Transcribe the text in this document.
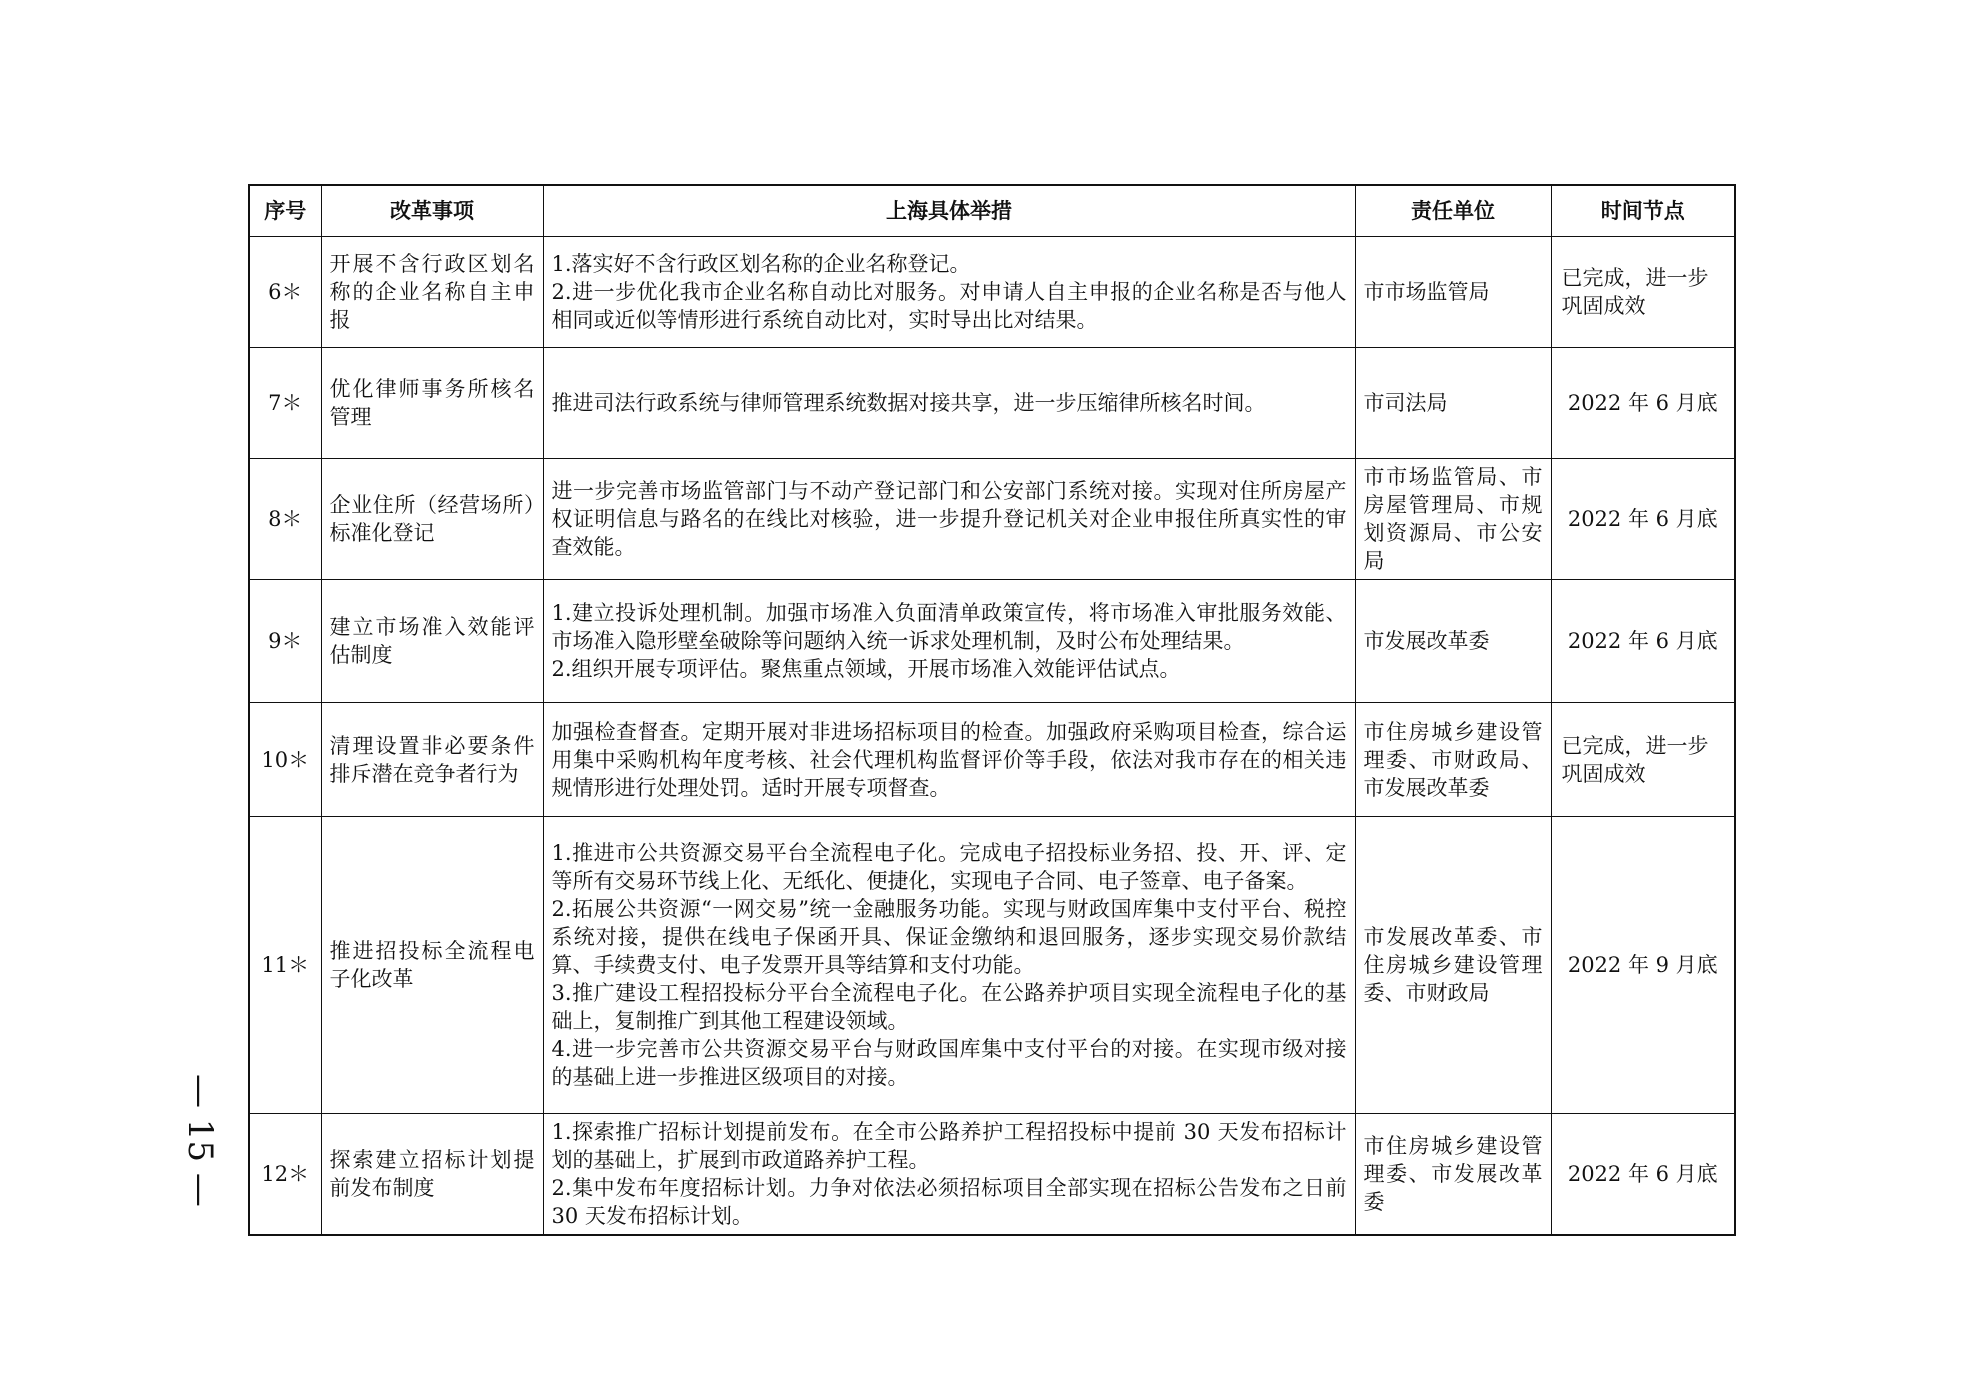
— 15 —
序号	改革事项	上海具体举措	责任单位	时间节点
6＊	开展不含行政区划名称的企业名称自主申报	1.落实好不含行政区划名称的企业名称登记。
2.进一步优化我市企业名称自动比对服务。对申请人自主申报的企业名称是否与他人相同或近似等情形进行系统自动比对，实时导出比对结果。	市市场监管局	已完成，进一步巩固成效
7＊	优化律师事务所核名管理	推进司法行政系统与律师管理系统数据对接共享，进一步压缩律所核名时间。	市司法局	2022 年 6 月底
8＊	企业住所（经营场所）标准化登记	进一步完善市场监管部门与不动产登记部门和公安部门系统对接。实现对住所房屋产权证明信息与路名的在线比对核验，进一步提升登记机关对企业申报住所真实性的审查效能。	市市场监管局、市房屋管理局、市规划资源局、市公安局	2022 年 6 月底
9＊	建立市场准入效能评估制度	1.建立投诉处理机制。加强市场准入负面清单政策宣传，将市场准入审批服务效能、市场准入隐形壁垒破除等问题纳入统一诉求处理机制，及时公布处理结果。
2.组织开展专项评估。聚焦重点领域，开展市场准入效能评估试点。	市发展改革委	2022 年 6 月底
10＊	清理设置非必要条件排斥潜在竞争者行为	加强检查督查。定期开展对非进场招标项目的检查。加强政府采购项目检查，综合运用集中采购机构年度考核、社会代理机构监督评价等手段，依法对我市存在的相关违规情形进行处理处罚。适时开展专项督查。	市住房城乡建设管理委、市财政局、市发展改革委	已完成，进一步巩固成效
11＊	推进招投标全流程电子化改革	1.推进市公共资源交易平台全流程电子化。完成电子招投标业务招、投、开、评、定等所有交易环节线上化、无纸化、便捷化，实现电子合同、电子签章、电子备案。
2.拓展公共资源“一网交易”统一金融服务功能。实现与财政国库集中支付平台、税控系统对接，提供在线电子保函开具、保证金缴纳和退回服务，逐步实现交易价款结算、手续费支付、电子发票开具等结算和支付功能。
3.推广建设工程招投标分平台全流程电子化。在公路养护项目实现全流程电子化的基础上，复制推广到其他工程建设领域。
4.进一步完善市公共资源交易平台与财政国库集中支付平台的对接。在实现市级对接的基础上进一步推进区级项目的对接。	市发展改革委、市住房城乡建设管理委、市财政局	2022 年 9 月底
12＊	探索建立招标计划提前发布制度	1.探索推广招标计划提前发布。在全市公路养护工程招投标中提前 30 天发布招标计划的基础上，扩展到市政道路养护工程。
2.集中发布年度招标计划。力争对依法必须招标项目全部实现在招标公告发布之日前 30 天发布招标计划。	市住房城乡建设管理委、市发展改革委	2022 年 6 月底
